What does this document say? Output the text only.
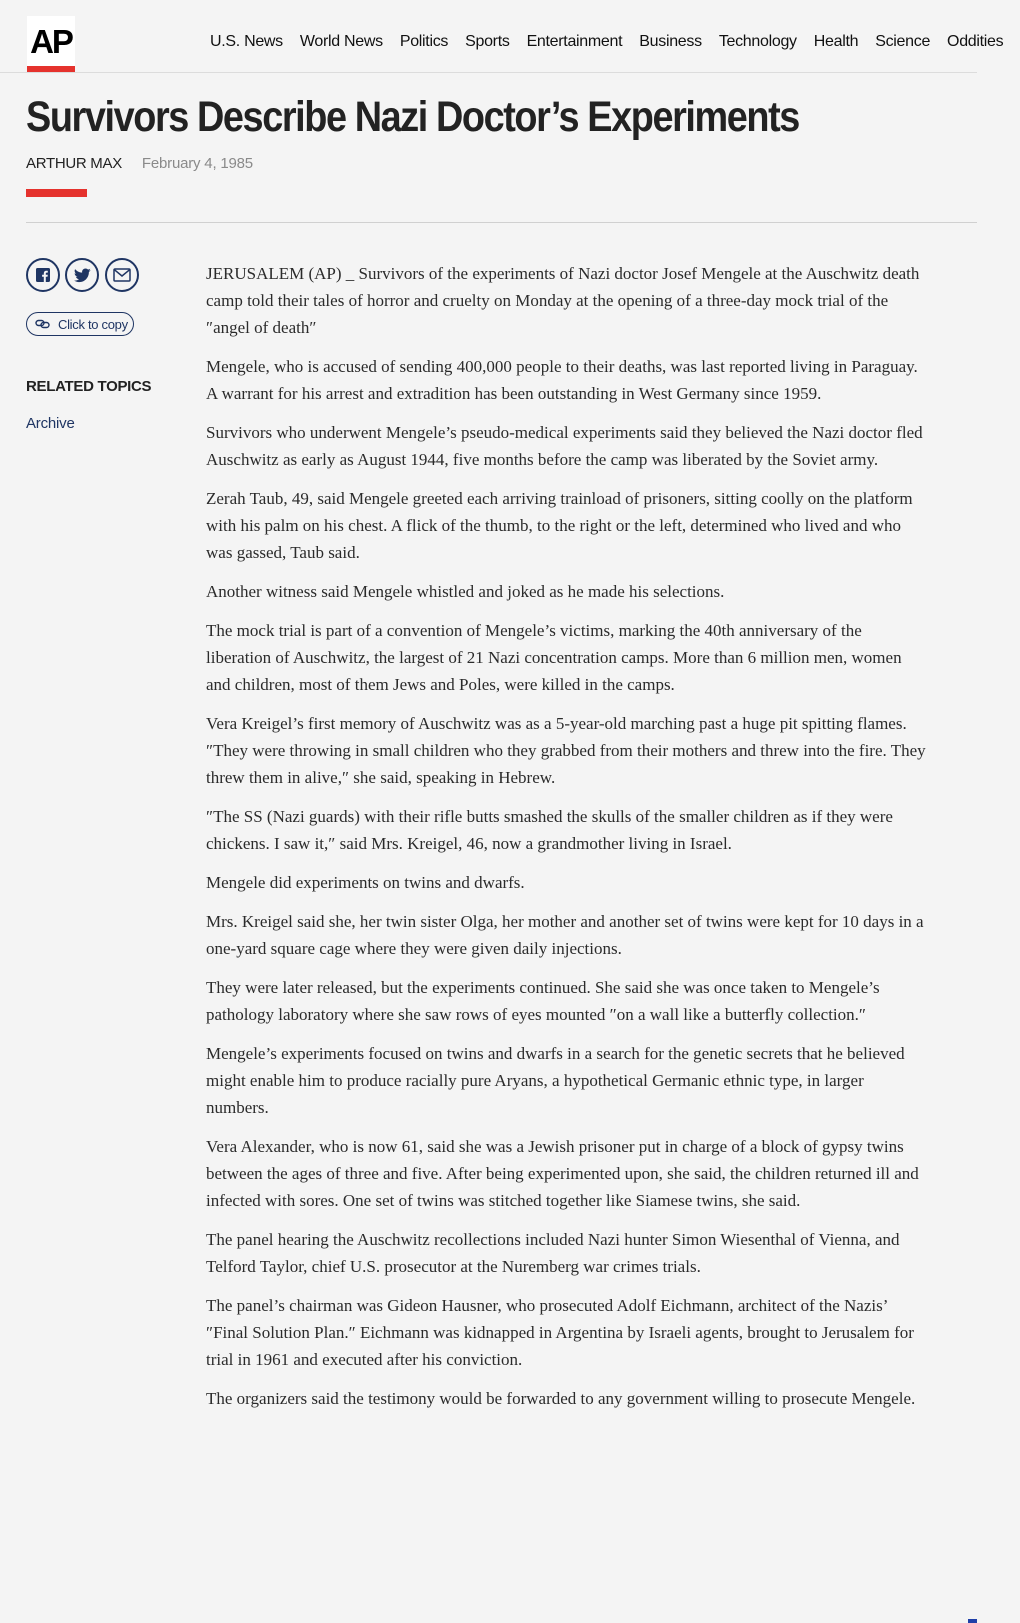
AP	U.S. News World News Politics Sports Entertainment Business Technology Health Science Oddities
Survivors Describe Nazi Doctor’s Experiments
ARTHUR MAX February 4, 1985
Click to copy
RELATED TOPICS
Archive

JERUSALEM (AP) _ Survivors of the experiments of Nazi doctor Josef Mengele at the Auschwitz death camp told their tales of horror and cruelty on Monday at the opening of a three-day mock trial of the ″angel of death″

Mengele, who is accused of sending 400,000 people to their deaths, was last reported living in Paraguay. A warrant for his arrest and extradition has been outstanding in West Germany since 1959.

Survivors who underwent Mengele’s pseudo-medical experiments said they believed the Nazi doctor fled Auschwitz as early as August 1944, five months before the camp was liberated by the Soviet army.

Zerah Taub, 49, said Mengele greeted each arriving trainload of prisoners, sitting coolly on the platform with his palm on his chest. A flick of the thumb, to the right or the left, determined who lived and who was gassed, Taub said.

Another witness said Mengele whistled and joked as he made his selections.

The mock trial is part of a convention of Mengele’s victims, marking the 40th anniversary of the liberation of Auschwitz, the largest of 21 Nazi concentration camps. More than 6 million men, women and children, most of them Jews and Poles, were killed in the camps.

Vera Kreigel’s first memory of Auschwitz was as a 5-year-old marching past a huge pit spitting flames. ″They were throwing in small children who they grabbed from their mothers and threw into the fire. They threw them in alive,″ she said, speaking in Hebrew.

″The SS (Nazi guards) with their rifle butts smashed the skulls of the smaller children as if they were chickens. I saw it,″ said Mrs. Kreigel, 46, now a grandmother living in Israel.

Mengele did experiments on twins and dwarfs.

Mrs. Kreigel said she, her twin sister Olga, her mother and another set of twins were kept for 10 days in a one-yard square cage where they were given daily injections.

They were later released, but the experiments continued. She said she was once taken to Mengele’s pathology laboratory where she saw rows of eyes mounted ″on a wall like a butterfly collection.″

Mengele’s experiments focused on twins and dwarfs in a search for the genetic secrets that he believed might enable him to produce racially pure Aryans, a hypothetical Germanic ethnic type, in larger numbers.

Vera Alexander, who is now 61, said she was a Jewish prisoner put in charge of a block of gypsy twins between the ages of three and five. After being experimented upon, she said, the children returned ill and infected with sores. One set of twins was stitched together like Siamese twins, she said.

The panel hearing the Auschwitz recollections included Nazi hunter Simon Wiesenthal of Vienna, and Telford Taylor, chief U.S. prosecutor at the Nuremberg war crimes trials.

The panel’s chairman was Gideon Hausner, who prosecuted Adolf Eichmann, architect of the Nazis’ ″Final Solution Plan.″ Eichmann was kidnapped in Argentina by Israeli agents, brought to Jerusalem for trial in 1961 and executed after his conviction.

The organizers said the testimony would be forwarded to any government willing to prosecute Mengele.
